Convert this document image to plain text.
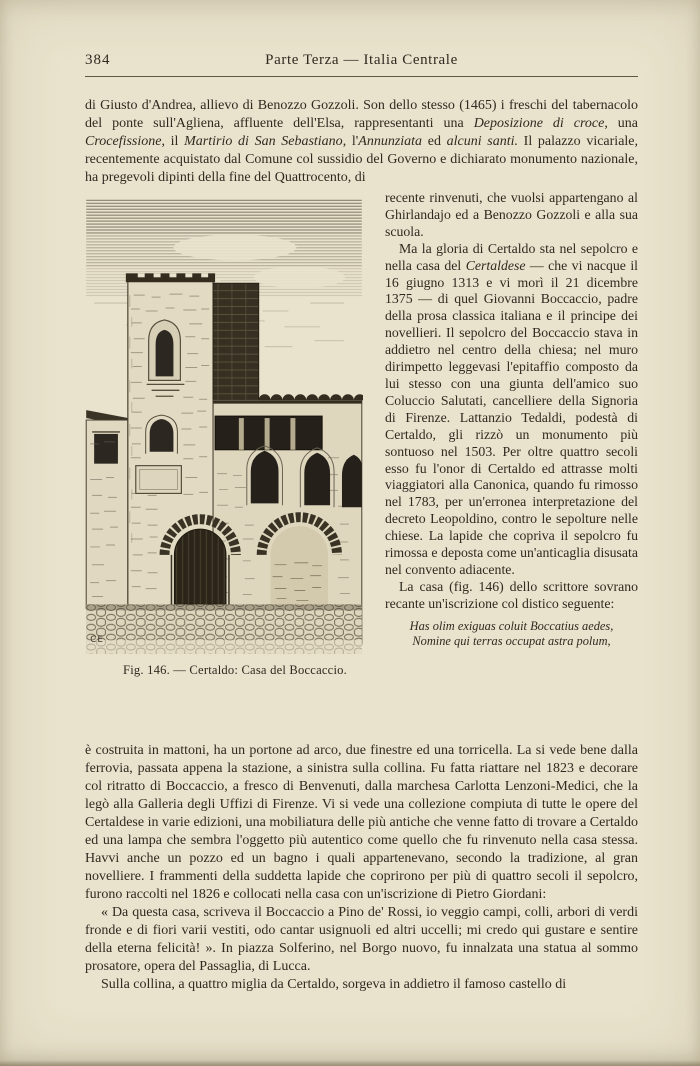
384	Parte Terza — Italia Centrale

di Giusto d'Andrea, allievo di Benozzo Gozzoli. Son dello stesso (1465) i freschi del tabernacolo del ponte sull'Agliena, affluente dell'Elsa, rappresentanti una Deposizione di croce, una Crocefissione, il Martirio di San Sebastiano, l'Annunziata ed alcuni santi. Il palazzo vicariale, recentemente acquistato dal Comune col sussidio del Governo e dichiarato monumento nazionale, ha pregevoli dipinti della fine del Quattrocento, di

CE
Fig. 146. — Certaldo: Casa del Boccaccio.

recente rinvenuti, che vuolsi appartengano al Ghirlandajo ed a Benozzo Gozzoli e alla sua scuola.

Ma la gloria di Certaldo sta nel sepolcro e nella casa del Certaldese — che vi nacque il 16 giugno 1313 e vi morì il 21 dicembre 1375 — di quel Giovanni Boccaccio, padre della prosa classica italiana e il principe dei novellieri. Il sepolcro del Boccaccio stava in addietro nel centro della chiesa; nel muro dirimpetto leggevasi l'epitaffio composto da lui stesso con una giunta dell'amico suo Coluccio Salutati, cancelliere della Signoria di Firenze. Lattanzio Tedaldi, podestà di Certaldo, gli rizzò un monumento più sontuoso nel 1503. Per oltre quattro secoli esso fu l'onor di Certaldo ed attrasse molti viaggiatori alla Canonica, quando fu rimosso nel 1783, per un'erronea interpretazione del decreto Leopoldino, contro le sepolture nelle chiese. La lapide che copriva il sepolcro fu rimossa e deposta come un'anticaglia disusata nel convento adiacente.

La casa (fig. 146) dello scrittore sovrano recante un'iscrizione col distico seguente:

Has olim exiguas coluit Boccatius aedes,
Nomine qui terras occupat astra polum,

è costruita in mattoni, ha un portone ad arco, due finestre ed una torricella. La si vede bene dalla ferrovia, passata appena la stazione, a sinistra sulla collina. Fu fatta riattare nel 1823 e decorare col ritratto di Boccaccio, a fresco di Benvenuti, dalla marchesa Carlotta Lenzoni-Medici, che la legò alla Galleria degli Uffizi di Firenze. Vi si vede una collezione compiuta di tutte le opere del Certaldese in varie edizioni, una mobiliatura delle più antiche che venne fatto di trovare a Certaldo ed una lampa che sembra l'oggetto più autentico come quello che fu rinvenuto nella casa stessa. Havvi anche un pozzo ed un bagno i quali appartenevano, secondo la tradizione, al gran novelliere. I frammenti della suddetta lapide che coprirono per più di quattro secoli il sepolcro, furono raccolti nel 1826 e collocati nella casa con un'iscrizione di Pietro Giordani:

« Da questa casa, scriveva il Boccaccio a Pino de' Rossi, io veggio campi, colli, arbori di verdi fronde e di fiori varii vestiti, odo cantar usignuoli ed altri uccelli; mi credo qui gustare e sentire della eterna felicità! ». In piazza Solferino, nel Borgo nuovo, fu innalzata una statua al sommo prosatore, opera del Passaglia, di Lucca.

Sulla collina, a quattro miglia da Certaldo, sorgeva in addietro il famoso castello di
